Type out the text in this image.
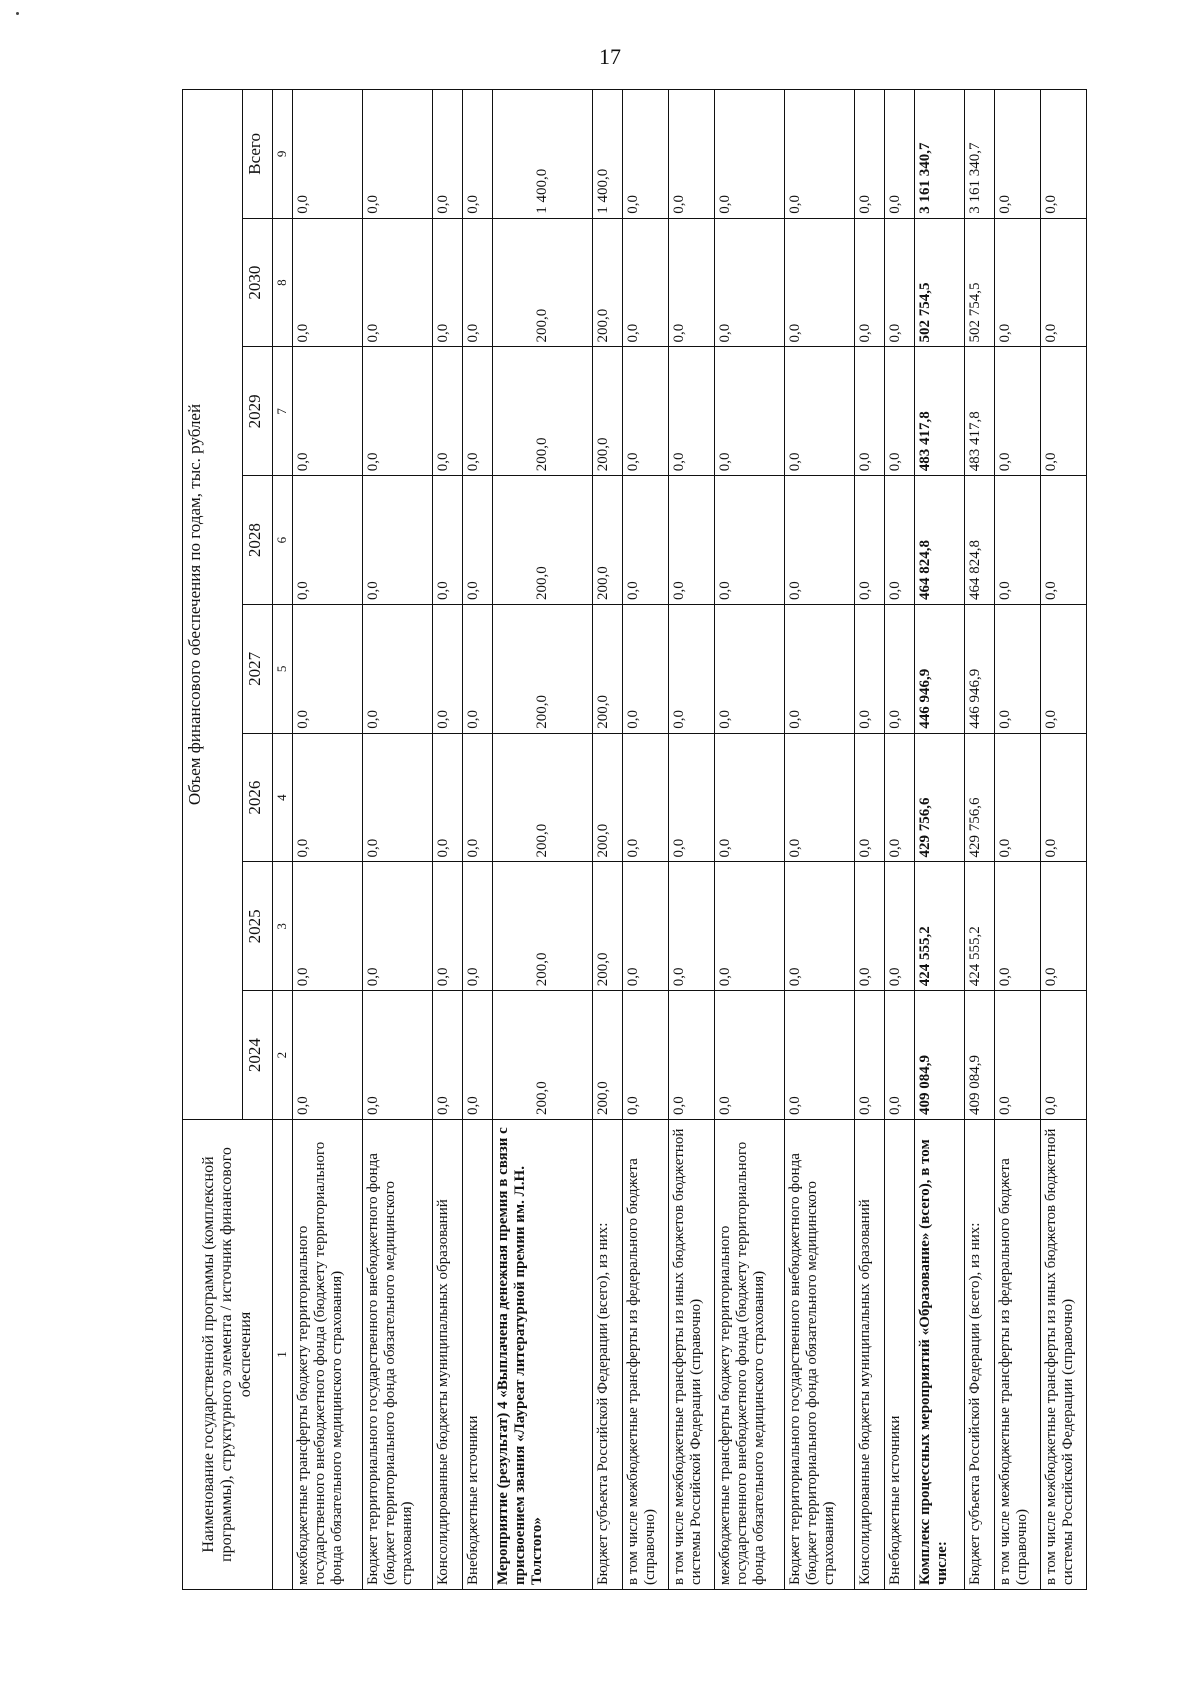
17
Наименование государственной программы (комплексной программы), структурного элемента / источник финансового обеспечения	Объем финансового обеспечения по годам, тыс. рублей							
	2024	2025	2026	2027	2028	2029	2030	Всего
1	2	3	4	5	6	7	8	9
межбюджетные трансферты бюджету территориального государственного внебюджетного фонда (бюджету территориального фонда обязательного медицинского страхования)	0,0	0,0	0,0	0,0	0,0	0,0	0,0	0,0
Бюджет территориального государственного внебюджетного фонда (бюджет территориального фонда обязательного медицинского страхования)	0,0	0,0	0,0	0,0	0,0	0,0	0,0	0,0
Консолидированные бюджеты муниципальных образований	0,0	0,0	0,0	0,0	0,0	0,0	0,0	0,0
Внебюджетные источники	0,0	0,0	0,0	0,0	0,0	0,0	0,0	0,0
Мероприятие (результат) 4 «Выплачена денежная премия в связи с присвоением звания «Лауреат литературной премии им. Л.Н. Толстого»	200,0	200,0	200,0	200,0	200,0	200,0	200,0	1 400,0
Бюджет субъекта Российской Федерации (всего), из них:	200,0	200,0	200,0	200,0	200,0	200,0	200,0	1 400,0
в том числе межбюджетные трансферты из федерального бюджета (справочно)	0,0	0,0	0,0	0,0	0,0	0,0	0,0	0,0
в том числе межбюджетные трансферты из иных бюджетов бюджетной системы Российской Федерации (справочно)	0,0	0,0	0,0	0,0	0,0	0,0	0,0	0,0
межбюджетные трансферты бюджету территориального государственного внебюджетного фонда (бюджету территориального фонда обязательного медицинского страхования)	0,0	0,0	0,0	0,0	0,0	0,0	0,0	0,0
Бюджет территориального государственного внебюджетного фонда (бюджет территориального фонда обязательного медицинского страхования)	0,0	0,0	0,0	0,0	0,0	0,0	0,0	0,0
Консолидированные бюджеты муниципальных образований	0,0	0,0	0,0	0,0	0,0	0,0	0,0	0,0
Внебюджетные источники	0,0	0,0	0,0	0,0	0,0	0,0	0,0	0,0
Комплекс процессных мероприятий «Образование» (всего), в том числе:	409 084,9	424 555,2	429 756,6	446 946,9	464 824,8	483 417,8	502 754,5	3 161 340,7
Бюджет субъекта Российской Федерации (всего), из них:	409 084,9	424 555,2	429 756,6	446 946,9	464 824,8	483 417,8	502 754,5	3 161 340,7
в том числе межбюджетные трансферты из федерального бюджета (справочно)	0,0	0,0	0,0	0,0	0,0	0,0	0,0	0,0
в том числе межбюджетные трансферты из иных бюджетов бюджетной системы Российской Федерации (справочно)	0,0	0,0	0,0	0,0	0,0	0,0	0,0	0,0
